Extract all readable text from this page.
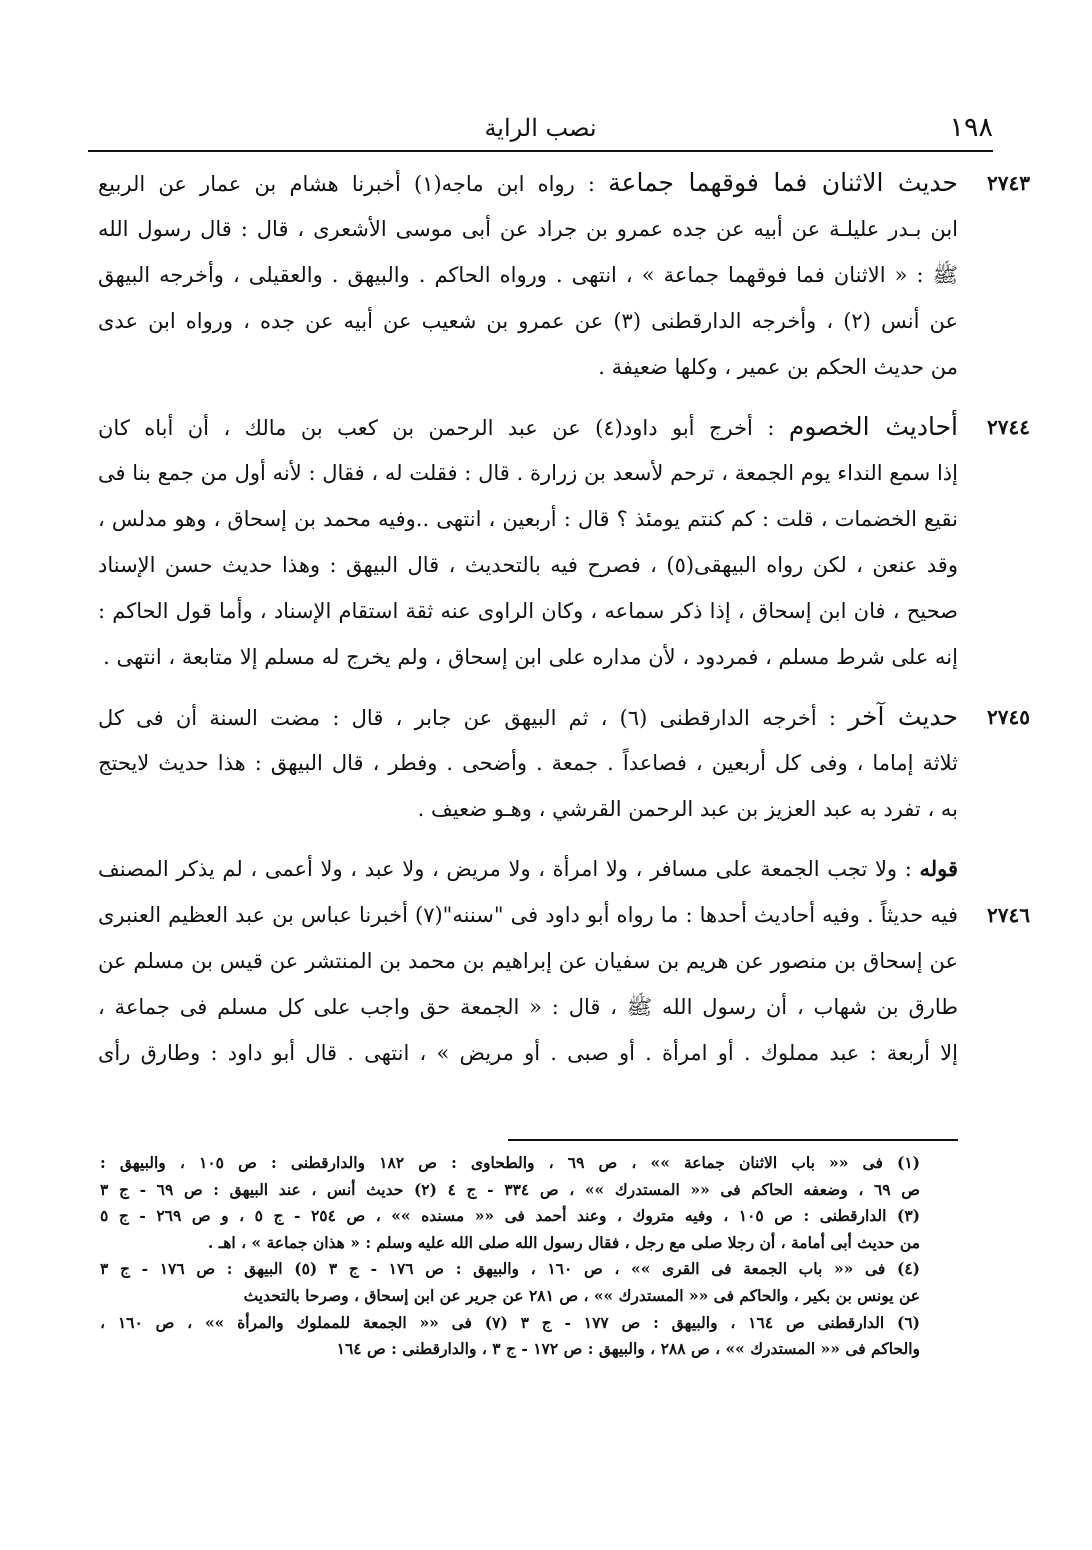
١٩٨
نصب الراية
٢٧٤٣
حديث الاثنان فما فوقهما جماعة : رواه ابن ماجه(١) أخبرنا هشام بن عمار عن الربيع
ابن بـدر عليلـة عن أبيه عن جده عمرو بن جراد عن أبى موسى الأشعرى ، قال : قال رسول الله
ﷺ : « الاثنان فما فوقهما جماعة » ، انتهى . ورواه الحاكم . والبيهق . والعقيلى ، وأخرجه البيهق
عن أنس (٢) ، وأخرجه الدارقطنى (٣) عن عمرو بن شعيب عن أبيه عن جده ، ورواه ابن عدى
من حديث الحكم بن عمير ، وكلها ضعيفة .
٢٧٤٤
أحاديث الخصوم : أخرج أبو داود(٤) عن عبد الرحمن بن كعب بن مالك ، أن أباه كان
إذا سمع النداء يوم الجمعة ، ترحم لأسعد بن زرارة . قال : فقلت له ، فقال : لأنه أول من جمع بنا فى
نقيع الخضمات ، قلت : كم كنتم يومئذ ؟ قال : أربعين ، انتهى ..وفيه محمد بن إسحاق ، وهو مدلس ،
وقد عنعن ، لكن رواه البيهقى(٥) ، فصرح فيه بالتحديث ، قال البيهق : وهذا حديث حسن الإسناد
صحيح ، فان ابن إسحاق ، إذا ذكر سماعه ، وكان الراوى عنه ثقة استقام الإسناد ، وأما قول الحاكم :
إنه على شرط مسلم ، فمردود ، لأن مداره على ابن إسحاق ، ولم يخرج له مسلم إلا متابعة ، انتهى .
٢٧٤٥
حديث آخر : أخرجه الدارقطنى (٦) ، ثم البيهق عن جابر ، قال : مضت السنة أن فى كل
ثلاثة إماما ، وفى كل أربعين ، فصاعداً . جمعة . وأضحى . وفطر ، قال البيهق : هذا حديث لايحتج
به ، تفرد به عبد العزيز بن عبد الرحمن القرشي ، وهـو ضعيف .
قوله : ولا تجب الجمعة على مسافر ، ولا امرأة ، ولا مريض ، ولا عبد ، ولا أعمى ، لم يذكر المصنف
٢٧٤٦
فيه حديثاً . وفيه أحاديث أحدها : ما رواه أبو داود فى "سننه"(٧) أخبرنا عباس بن عبد العظيم العنبرى
عن إسحاق بن منصور عن هريم بن سفيان عن إبراهيم بن محمد بن المنتشر عن قيس بن مسلم عن
طارق بن شهاب ، أن رسول الله ﷺ ، قال : « الجمعة حق واجب على كل مسلم فى جماعة ،
إلا أربعة : عبد مملوك . أو امرأة . أو صبى . أو مريض » ، انتهى . قال أبو داود : وطارق رأى
(١) فى «« باب الاثنان جماعة »» ، ص ٦٩ ، والطحاوى : ص ١٨٢ والدارقطنى : ص ١٠٥ ، والبيهق :
ص ٦٩ ، وضعفه الحاكم فى «« المستدرك »» ، ص ٣٣٤ - ج ٤ (٢) حديث أنس ، عند البيهق : ص ٦٩ - ج ٣
(٣) الدارقطنى : ص ١٠٥ ، وفيه متروك ، وعند أحمد فى «« مسنده »» ، ص ٢٥٤ - ج ٥ ، و ص ٢٦٩ - ج ٥
من حديث أبى أمامة ، أن رجلا صلى مع رجل ، فقال رسول الله صلى الله عليه وسلم : « هذان جماعة » ، اهـ .
(٤) فى «« باب الجمعة فى القرى »» ، ص ١٦٠ ، والبيهق : ص ١٧٦ - ج ٣ (٥) البيهق : ص ١٧٦ - ج ٣
عن يونس بن بكير ، والحاكم فى «« المستدرك »» ، ص ٢٨١ عن جرير عن ابن إسحاق ، وصرحا بالتحديث
(٦) الدارقطنى ص ١٦٤ ، والبيهق : ص ١٧٧ - ج ٣ (٧) فى «« الجمعة للمملوك والمرأة »» ، ص ١٦٠ ،
والحاكم فى «« المستدرك »» ، ص ٢٨٨ ، والبيهق : ص ١٧٢ - ج ٣ ، والدارقطنى : ص ١٦٤
